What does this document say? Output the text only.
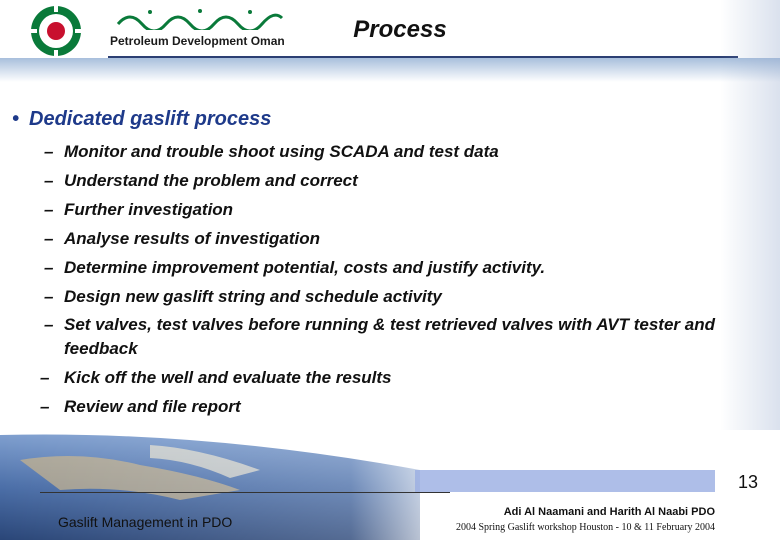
Petroleum Development Oman	Process
• Dedicated gaslift process
– Monitor and trouble shoot using SCADA and test data
– Understand the problem and correct
– Further investigation
– Analyse results of investigation
– Determine improvement potential, costs and justify activity.
– Design new gaslift string and schedule activity
– Set valves, test valves before running & test retrieved valves with AVT tester and feedback
– Kick off the well and evaluate the results
– Review and file report
Gaslift Management in PDO
Adi Al Naamani and Harith Al Naabi PDO
2004 Spring Gaslift workshop Houston - 10 & 11 February 2004
13
